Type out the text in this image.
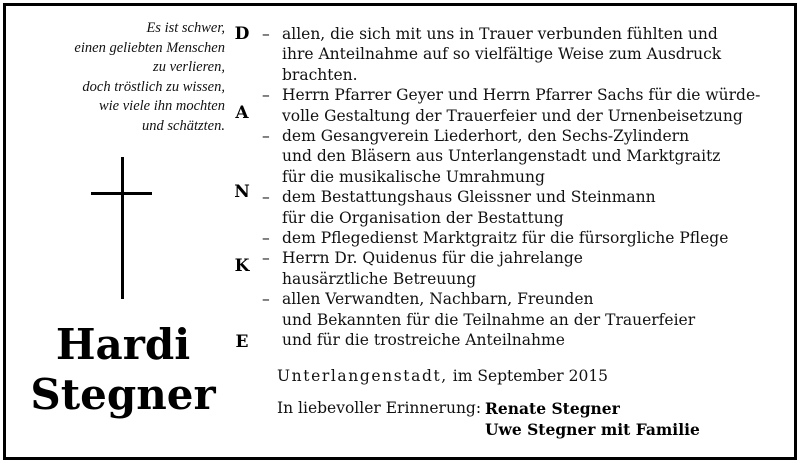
Es ist schwer,
einen geliebten Menschen
zu verlieren,
doch tröstlich zu wissen,
wie viele ihn mochten
und schätzten.
Hardi
Stegner
D
A
N
K
E
– allen, die sich mit uns in Trauer verbunden fühlten und
ihre Anteilnahme auf so vielfältige Weise zum Ausdruck
brachten.
– Herrn Pfarrer Geyer und Herrn Pfarrer Sachs für die würde-
volle Gestaltung der Trauerfeier und der Urnenbeisetzung
– dem Gesangverein Liederhort, den Sechs-Zylindern
und den Bläsern aus Unterlangenstadt und Marktgraitz
für die musikalische Umrahmung
– dem Bestattungshaus Gleissner und Steinmann
für die Organisation der Bestattung
– dem Pflegedienst Marktgraitz für die fürsorgliche Pflege
– Herrn Dr. Quidenus für die jahrelange
hausärztliche Betreuung
– allen Verwandten, Nachbarn, Freunden
und Bekannten für die Teilnahme an der Trauerfeier
und für die trostreiche Anteilnahme
Unterlangenstadt, im September 2015
In liebevoller Erinnerung: Renate Stegner
Uwe Stegner mit Familie
